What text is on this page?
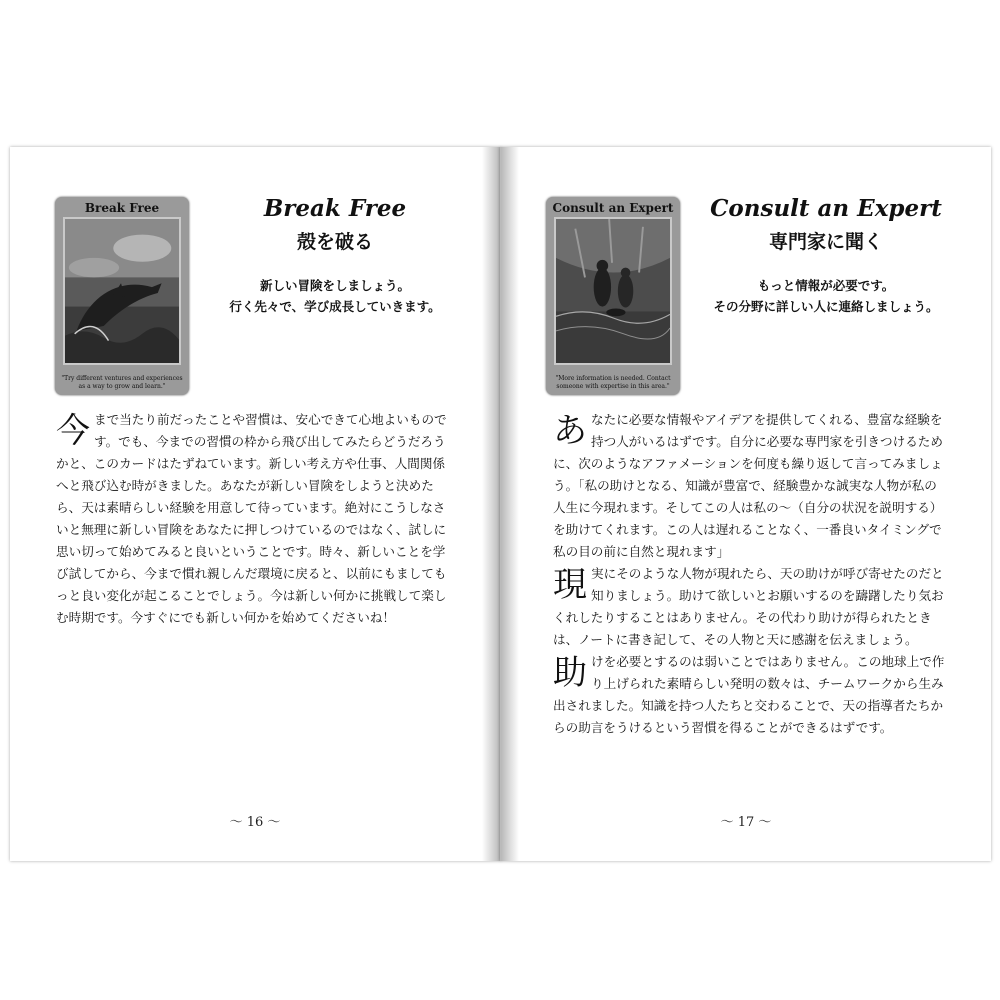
Break Free
"Try different ventures and experiences as a way to grow and learn."
Break Free
殻を破る
新しい冒険をしましょう。
行く先々で、学び成長していきます。

今まで当たり前だったことや習慣は、安心できて心地よいものです。でも、今までの習慣の枠から飛び出してみたらどうだろうかと、このカードはたずねています。新しい考え方や仕事、人間関係へと飛び込む時がきました。あなたが新しい冒険をしようと決めたら、天は素晴らしい経験を用意して待っています。絶対にこうしなさいと無理に新しい冒険をあなたに押しつけているのではなく、試しに思い切って始めてみると良いということです。時々、新しいことを学び試してから、今まで慣れ親しんだ環境に戻ると、以前にもましてもっと良い変化が起こることでしょう。今は新しい何かに挑戦して楽しむ時期です。今すぐにでも新しい何かを始めてくださいね！

～ 16 ～
Consult an Expert
"More information is needed. Contact someone with expertise in this area."
Consult an Expert
専門家に聞く
もっと情報が必要です。
その分野に詳しい人に連絡しましょう。

あなたに必要な情報やアイデアを提供してくれる、豊富な経験を持つ人がいるはずです。自分に必要な専門家を引きつけるために、次のようなアファメーションを何度も繰り返して言ってみましょう。「私の助けとなる、知識が豊富で、経験豊かな誠実な人物が私の人生に今現れます。そしてこの人は私の～（自分の状況を説明する）を助けてくれます。この人は遅れることなく、一番良いタイミングで私の目の前に自然と現れます」

現実にそのような人物が現れたら、天の助けが呼び寄せたのだと知りましょう。助けて欲しいとお願いするのを躊躇したり気おくれしたりすることはありません。その代わり助けが得られたときは、ノートに書き記して、その人物と天に感謝を伝えましょう。

助けを必要とするのは弱いことではありません。この地球上で作り上げられた素晴らしい発明の数々は、チームワークから生み出されました。知識を持つ人たちと交わることで、天の指導者たちからの助言をうけるという習慣を得ることができるはずです。

～ 17 ～
